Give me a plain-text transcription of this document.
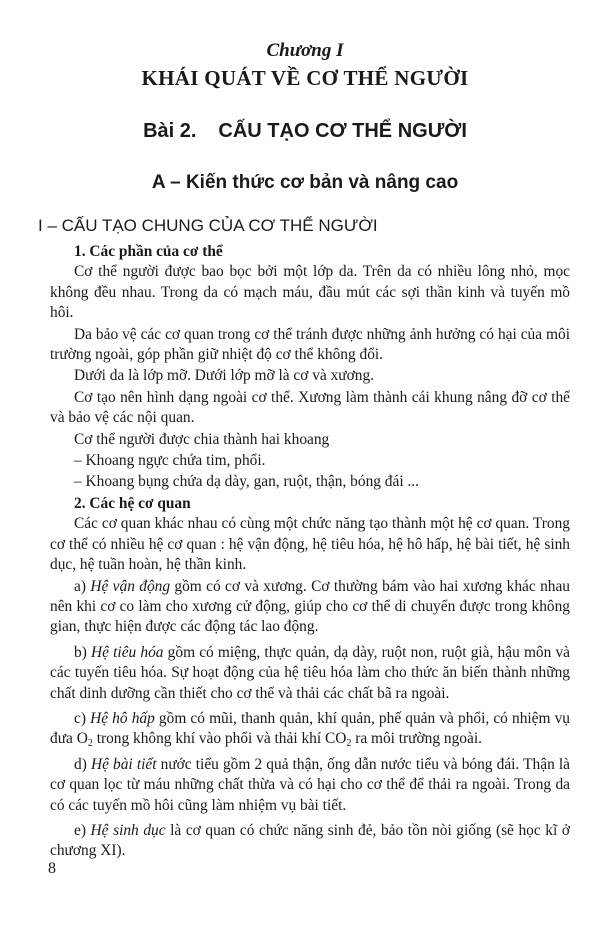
Chương I
KHÁI QUÁT VỀ CƠ THỂ NGƯỜI
Bài 2. CẤU TẠO CƠ THỂ NGƯỜI
A – Kiến thức cơ bản và nâng cao
I – CẤU TẠO CHUNG CỦA CƠ THỂ NGƯỜI
1. Các phần của cơ thể

Cơ thể người được bao bọc bởi một lớp da. Trên da có nhiều lông nhỏ, mọc không đều nhau. Trong da có mạch máu, đầu mút các sợi thần kinh và tuyến mồ hôi.

Da bảo vệ các cơ quan trong cơ thể tránh được những ảnh hưởng có hại của môi trường ngoài, góp phần giữ nhiệt độ cơ thể không đổi.

Dưới da là lớp mỡ. Dưới lớp mỡ là cơ và xương.

Cơ tạo nên hình dạng ngoài cơ thể. Xương làm thành cái khung nâng đỡ cơ thể và bảo vệ các nội quan.

Cơ thể người được chia thành hai khoang

– Khoang ngực chứa tim, phổi.

– Khoang bụng chứa dạ dày, gan, ruột, thận, bóng đái ...

2. Các hệ cơ quan

Các cơ quan khác nhau có cùng một chức năng tạo thành một hệ cơ quan. Trong cơ thể có nhiều hệ cơ quan : hệ vận động, hệ tiêu hóa, hệ hô hấp, hệ bài tiết, hệ sinh dục, hệ tuần hoàn, hệ thần kinh.

a) Hệ vận động gồm có cơ và xương. Cơ thường bám vào hai xương khác nhau nên khi cơ co làm cho xương cử động, giúp cho cơ thể di chuyển được trong không gian, thực hiện được các động tác lao động.

b) Hệ tiêu hóa gồm có miệng, thực quản, dạ dày, ruột non, ruột già, hậu môn và các tuyến tiêu hóa. Sự hoạt động của hệ tiêu hóa làm cho thức ăn biến thành những chất dinh dưỡng cần thiết cho cơ thể và thải các chất bã ra ngoài.

c) Hệ hô hấp gồm có mũi, thanh quản, khí quản, phế quản và phổi, có nhiệm vụ đưa $O_2$ trong không khí vào phổi và thải khí $CO_2$ ra môi trường ngoài.

d) Hệ bài tiết nước tiểu gồm 2 quả thận, ống dẫn nước tiểu và bóng đái. Thận là cơ quan lọc từ máu những chất thừa và có hại cho cơ thể để thải ra ngoài. Trong da có các tuyến mồ hôi cũng làm nhiệm vụ bài tiết.

e) Hệ sinh dục là cơ quan có chức năng sinh đẻ, bảo tồn nòi giống (sẽ học kĩ ở chương XI).

8
